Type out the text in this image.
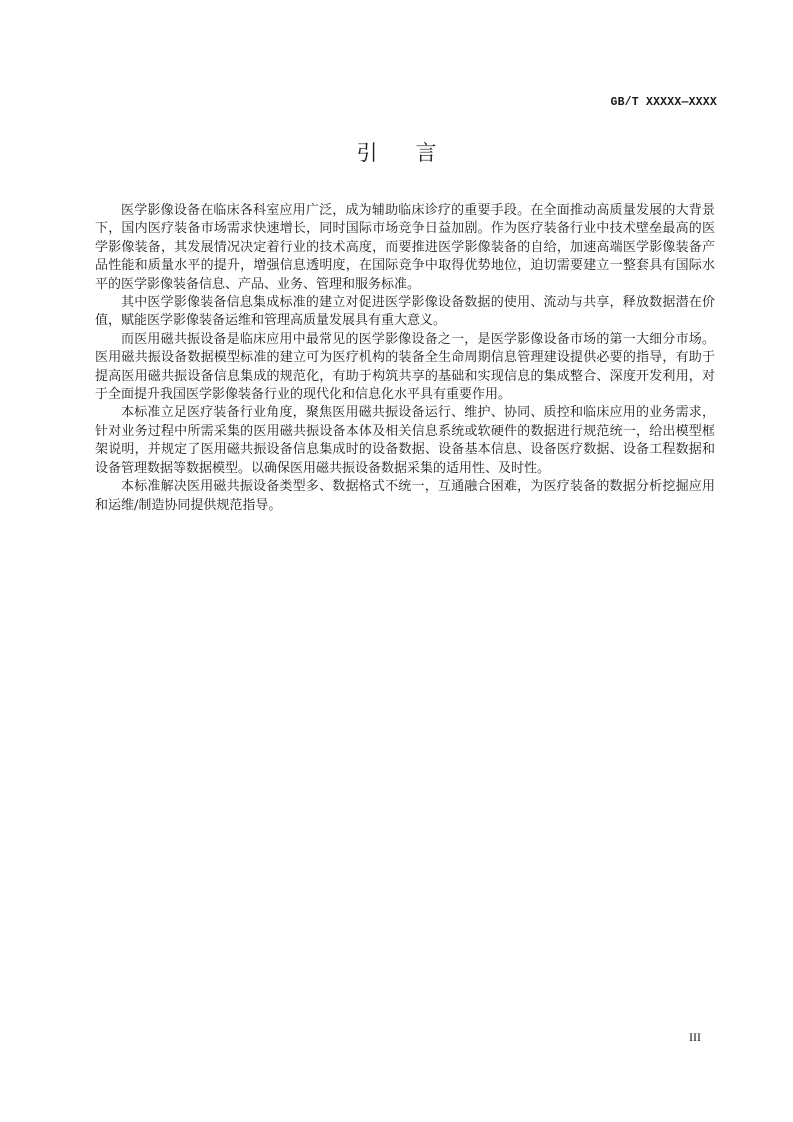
GB/T XXXXX—XXXX
引言

医学影像设备在临床各科室应用广泛，成为辅助临床诊疗的重要手段。在全面推动高质量发展的大背景下，国内医疗装备市场需求快速增长，同时国际市场竞争日益加剧。作为医疗装备行业中技术壁垒最高的医学影像装备，其发展情况决定着行业的技术高度，而要推进医学影像装备的自给，加速高端医学影像装备产品性能和质量水平的提升，增强信息透明度，在国际竞争中取得优势地位，迫切需要建立一整套具有国际水平的医学影像装备信息、产品、业务、管理和服务标准。

其中医学影像装备信息集成标准的建立对促进医学影像设备数据的使用、流动与共享，释放数据潜在价值，赋能医学影像装备运维和管理高质量发展具有重大意义。

而医用磁共振设备是临床应用中最常见的医学影像设备之一，是医学影像设备市场的第一大细分市场。医用磁共振设备数据模型标准的建立可为医疗机构的装备全生命周期信息管理建设提供必要的指导，有助于提高医用磁共振设备信息集成的规范化，有助于构筑共享的基础和实现信息的集成整合、深度开发利用，对于全面提升我国医学影像装备行业的现代化和信息化水平具有重要作用。

本标准立足医疗装备行业角度，聚焦医用磁共振设备运行、维护、协同、质控和临床应用的业务需求，针对业务过程中所需采集的医用磁共振设备本体及相关信息系统或软硬件的数据进行规范统一，给出模型框架说明，并规定了医用磁共振设备信息集成时的设备数据、设备基本信息、设备医疗数据、设备工程数据和设备管理数据等数据模型。以确保医用磁共振设备数据采集的适用性、及时性。

本标准解决医用磁共振设备类型多、数据格式不统一，互通融合困难，为医疗装备的数据分析挖掘应用和运维/制造协同提供规范指导。

III
